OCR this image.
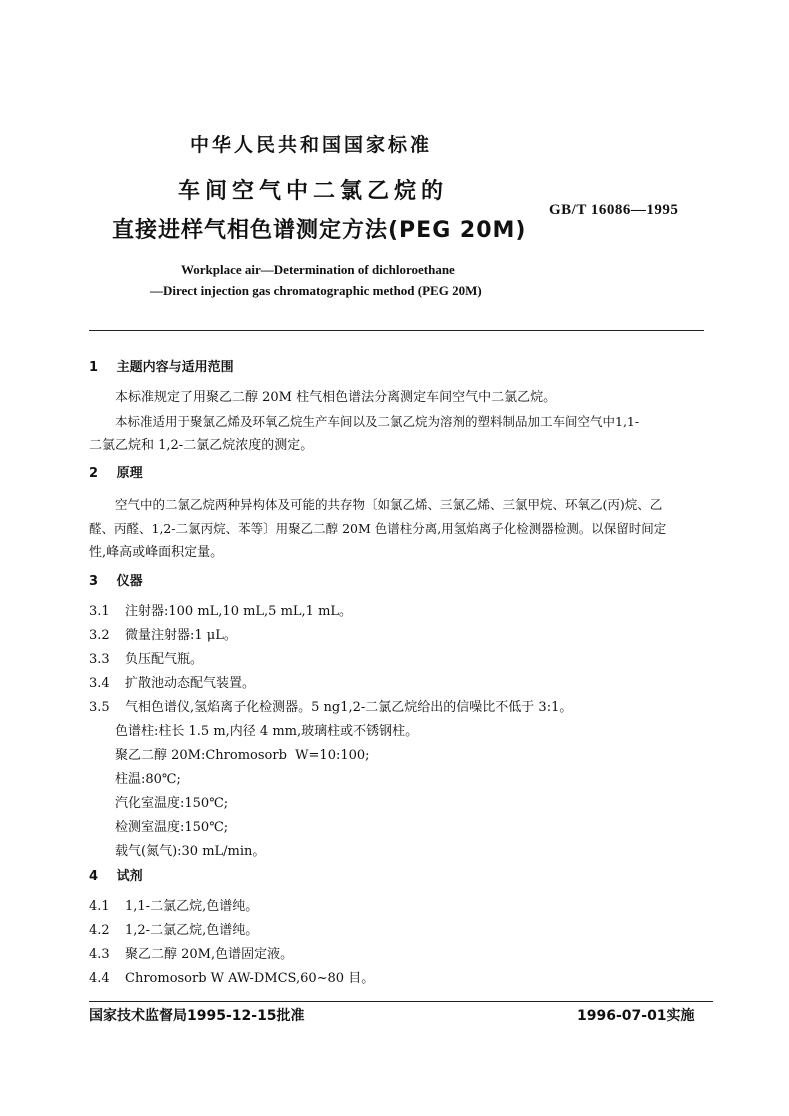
中华人民共和国国家标准
车间空气中二氯乙烷的
直接进样气相色谱测定方法(PEG 20M)
GB/T 16086—1995
Workplace air—Determination of dichloroethane
—Direct injection gas chromatographic method (PEG 20M)
1 主题内容与适用范围
本标准规定了用聚乙二醇 20M 柱气相色谱法分离测定车间空气中二氯乙烷。
本标准适用于聚氯乙烯及环氧乙烷生产车间以及二氯乙烷为溶剂的塑料制品加工车间空气中1,1-
二氯乙烷和 1,2-二氯乙烷浓度的测定。
2 原理
空气中的二氯乙烷两种异构体及可能的共存物〔如氯乙烯、三氯乙烯、三氯甲烷、环氧乙(丙)烷、乙
醛、丙醛、1,2-二氯丙烷、苯等〕用聚乙二醇 20M 色谱柱分离,用氢焰离子化检测器检测。以保留时间定
性,峰高或峰面积定量。
3 仪器
3.1 注射器:100 mL,10 mL,5 mL,1 mL。
3.2 微量注射器:1 μL。
3.3 负压配气瓶。
3.4 扩散池动态配气装置。
3.5 气相色谱仪,氢焰离子化检测器。5 ng1,2-二氯乙烷给出的信噪比不低于 3:1。
色谱柱:柱长 1.5 m,内径 4 mm,玻璃柱或不锈钢柱。
聚乙二醇 20M:Chromosorb  W=10:100;
柱温:80℃;
汽化室温度:150℃;
检测室温度:150℃;
载气(氮气):30 mL/min。
4 试剂
4.1 1,1-二氯乙烷,色谱纯。
4.2 1,2-二氯乙烷,色谱纯。
4.3 聚乙二醇 20M,色谱固定液。
4.4 Chromosorb W AW-DMCS,60~80 目。
国家技术监督局1995-12-15批准	1996-07-01实施
